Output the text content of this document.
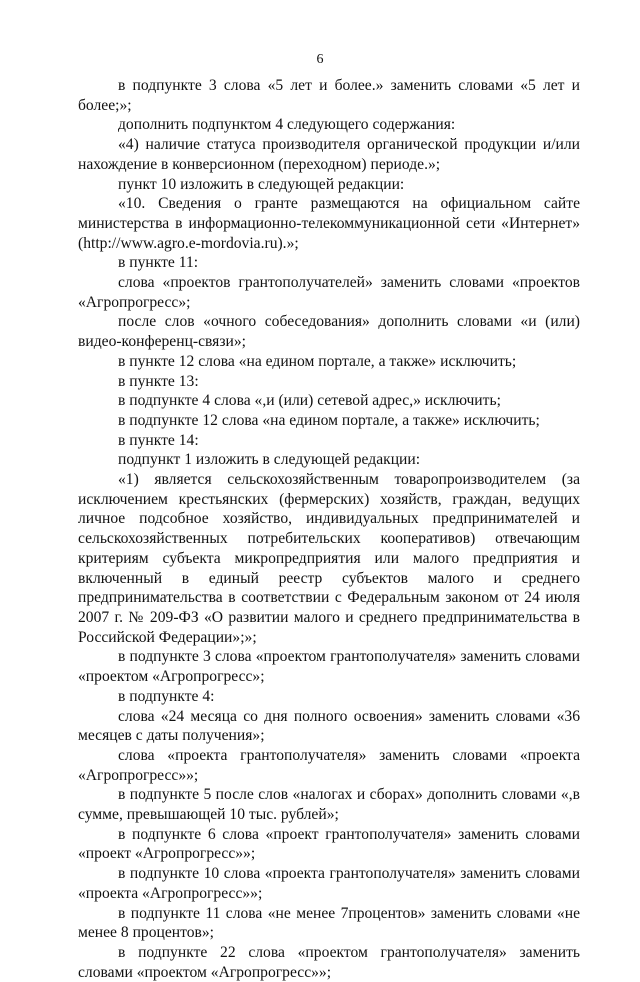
6

в подпункте 3 слова «5 лет и более.» заменить словами «5 лет и более;»;

дополнить подпунктом 4 следующего содержания:

«4) наличие статуса производителя органической продукции и/или нахождение в конверсионном (переходном) периоде.»;

пункт 10 изложить в следующей редакции:

«10. Сведения о гранте размещаются на официальном сайте министерства в информационно-телекоммуникационной сети «Интернет» (http://www.agro.e-mordovia.ru).»;

в пункте 11:

слова «проектов грантополучателей» заменить словами «проектов «Агропрогресс»;

после слов «очного собеседования» дополнить словами «и (или) видео-конференц-связи»;

в пункте 12 слова «на едином портале, а также» исключить;

в пункте 13:

в подпункте 4 слова «,и (или) сетевой адрес,» исключить;

в подпункте 12 слова «на едином портале, а также» исключить;

в пункте 14:

подпункт 1 изложить в следующей редакции:

«1) является сельскохозяйственным товаропроизводителем (за исключением крестьянских (фермерских) хозяйств, граждан, ведущих личное подсобное хозяйство, индивидуальных предпринимателей и сельскохозяйственных потребительских кооперативов) отвечающим критериям субъекта микропредприятия или малого предприятия и включенный в единый реестр субъектов малого и среднего предпринимательства в соответствии с Федеральным законом от 24 июля 2007 г. № 209-ФЗ «О развитии малого и среднего предпринимательства в Российской Федерации»;»;

в подпункте 3 слова «проектом грантополучателя» заменить словами «проектом «Агропрогресс»;

в подпункте 4:

слова «24 месяца со дня полного освоения» заменить словами «36 месяцев с даты получения»;

слова «проекта грантополучателя» заменить словами «проекта «Агропрогресс»»;

в подпункте 5 после слов «налогах и сборах» дополнить словами «,в сумме, превышающей 10 тыс. рублей»;

в подпункте 6 слова «проект грантополучателя» заменить словами «проект «Агропрогресс»»;

в подпункте 10 слова «проекта грантополучателя» заменить словами «проекта «Агропрогресс»»;

в подпункте 11 слова «не менее 7процентов» заменить словами «не менее 8 процентов»;

в подпункте 22 слова «проектом грантополучателя» заменить словами «проектом «Агропрогресс»»;
